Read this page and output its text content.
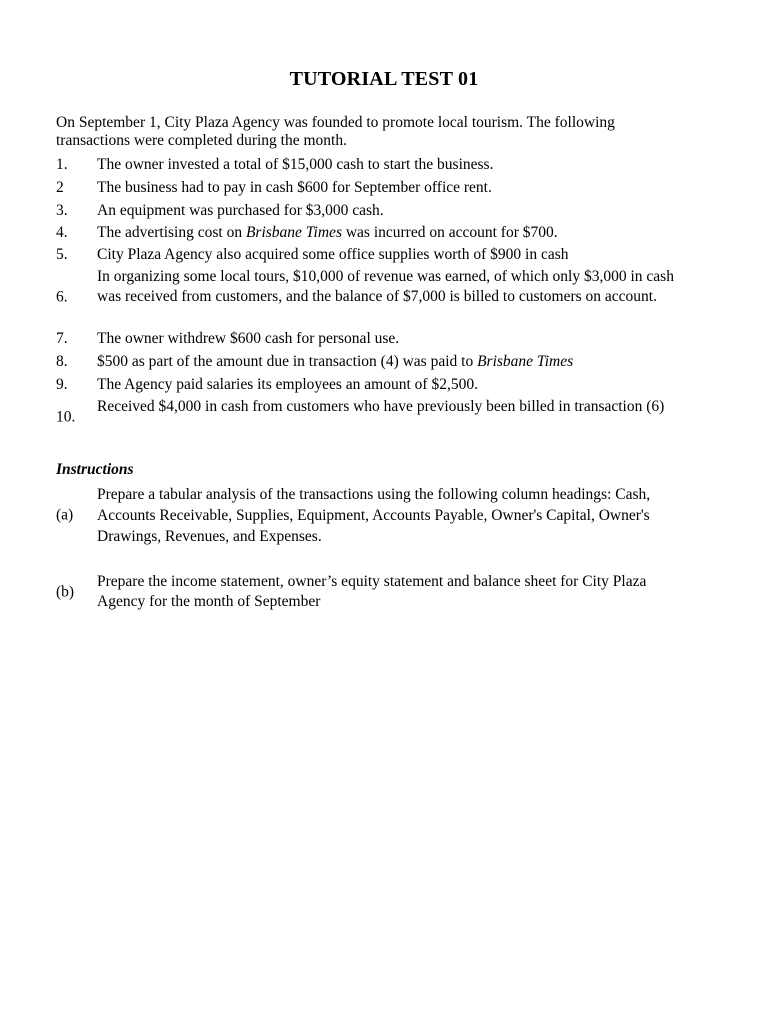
TUTORIAL TEST 01
On September 1, City Plaza Agency was founded to promote local tourism. The following transactions were completed during the month.
1.	The owner invested a total of $15,000 cash to start the business.
2	The business had to pay in cash $600 for September office rent.
3.	An equipment was purchased for $3,000 cash.
4.	The advertising cost on Brisbane Times was incurred on account for $700.
5.	City Plaza Agency also acquired some office supplies worth of $900 in cash
6.
In organizing some local tours, $10,000 of revenue was earned, of which only $3,000 in cash was received from customers, and the balance of $7,000 is billed to customers on account.
7.	The owner withdrew $600 cash for personal use.
8.	$500 as part of the amount due in transaction (4) was paid to Brisbane Times
9.	The Agency paid salaries its employees an amount of $2,500.
10.
Received $4,000 in cash from customers who have previously been billed in transaction (6)
Instructions
(a)
Prepare a tabular analysis of the transactions using the following column headings: Cash, Accounts Receivable, Supplies, Equipment, Accounts Payable, Owner's Capital, Owner's Drawings, Revenues, and Expenses.
(b)
Prepare the income statement, owner’s equity statement and balance sheet for City Plaza Agency for the month of September
